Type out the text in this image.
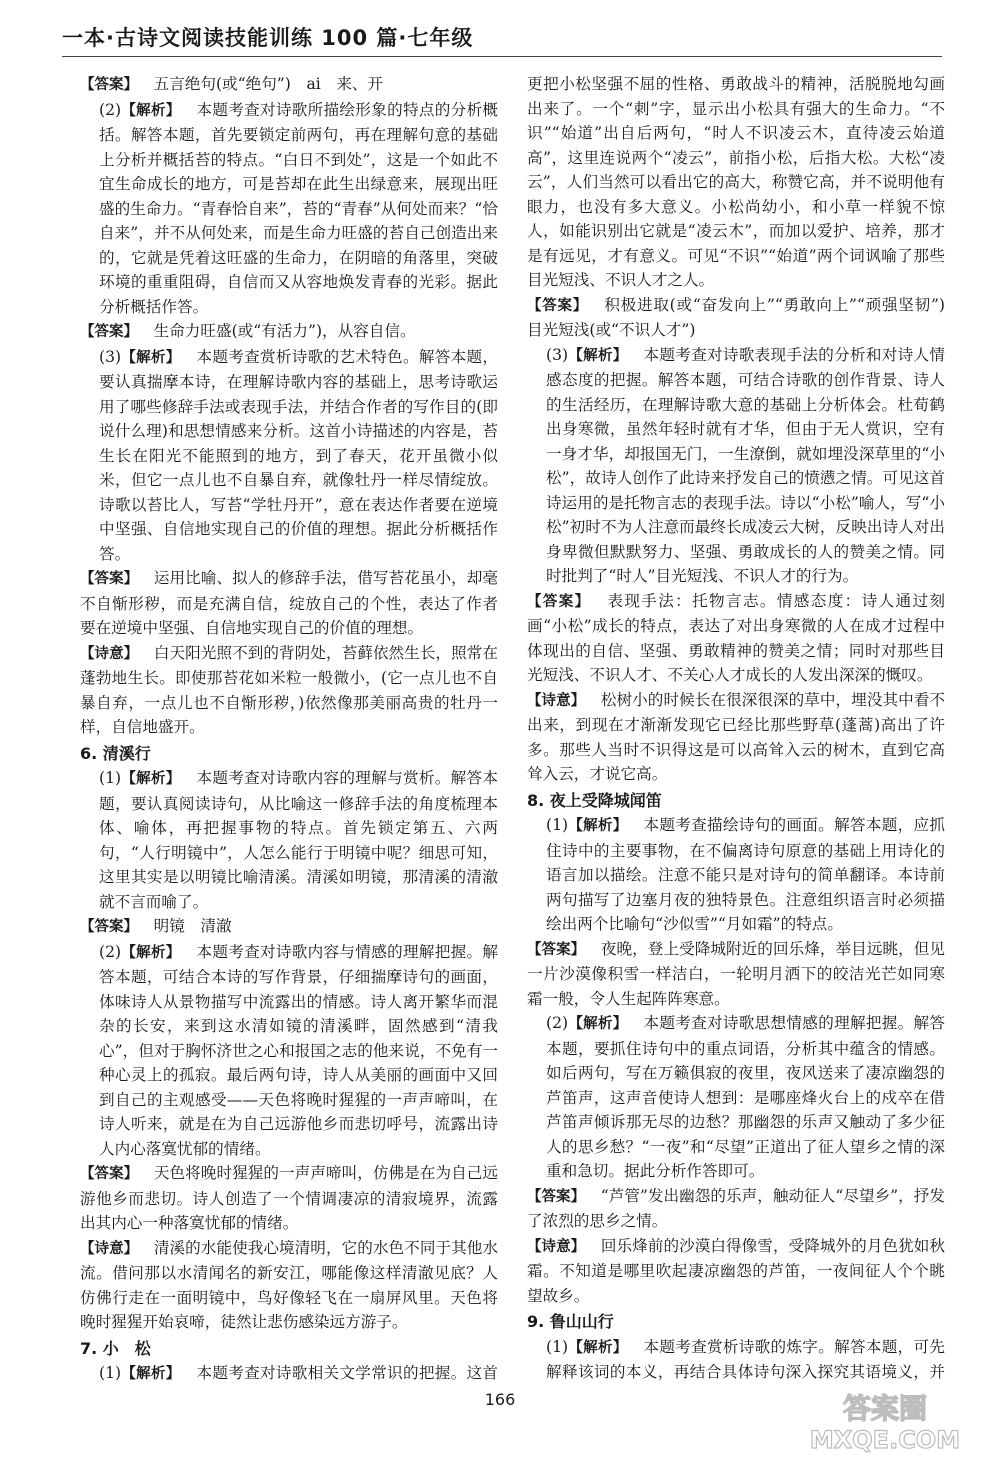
一本·古诗文阅读技能训练 100 篇·七年级

【答案】  五言绝句(或“绝句”)　ai　来、开

(2)【解析】  本题考查对诗歌所描绘形象的特点的分析概括。解答本题，首先要锁定前两句，再在理解句意的基础上分析并概括苔的特点。“白日不到处”，这是一个如此不宜生命成长的地方，可是苔却在此生出绿意来，展现出旺盛的生命力。“青春恰自来”，苔的“青春”从何处而来？“恰自来”，并不从何处来，而是生命力旺盛的苔自己创造出来的，它就是凭着这旺盛的生命力，在阴暗的角落里，突破环境的重重阻碍，自信而又从容地焕发青春的光彩。据此分析概括作答。

【答案】  生命力旺盛(或“有活力”)，从容自信。

(3)【解析】  本题考查赏析诗歌的艺术特色。解答本题，要认真揣摩本诗，在理解诗歌内容的基础上，思考诗歌运用了哪些修辞手法或表现手法，并结合作者的写作目的(即说什么理)和思想情感来分析。这首小诗描述的内容是，苔生长在阳光不能照到的地方，到了春天，花开虽微小似米，但它一点儿也不自暴自弃，就像牡丹一样尽情绽放。诗歌以苔比人，写苔“学牡丹开”，意在表达作者要在逆境中坚强、自信地实现自己的价值的理想。据此分析概括作答。

【答案】  运用比喻、拟人的修辞手法，借写苔花虽小，却毫不自惭形秽，而是充满自信，绽放自己的个性，表达了作者要在逆境中坚强、自信地实现自己的价值的理想。

【诗意】  白天阳光照不到的背阴处，苔藓依然生长，照常在蓬勃地生长。即使那苔花如米粒一般微小，(它一点儿也不自暴自弃，一点儿也不自惭形秽，)依然像那美丽高贵的牡丹一样，自信地盛开。

6. 清溪行

(1)【解析】  本题考查对诗歌内容的理解与赏析。解答本题，要认真阅读诗句，从比喻这一修辞手法的角度梳理本体、喻体，再把握事物的特点。首先锁定第五、六两句，“人行明镜中”，人怎么能行于明镜中呢？细思可知，这里其实是以明镜比喻清溪。清溪如明镜，那清溪的清澈就不言而喻了。

【答案】  明镜　清澈

(2)【解析】  本题考查对诗歌内容与情感的理解把握。解答本题，可结合本诗的写作背景，仔细揣摩诗句的画面，体味诗人从景物描写中流露出的情感。诗人离开繁华而混杂的长安，来到这水清如镜的清溪畔，固然感到“清我心”，但对于胸怀济世之心和报国之志的他来说，不免有一种心灵上的孤寂。最后两句诗，诗人从美丽的画面中又回到自己的主观感受——天色将晚时猩猩的一声声啼叫，在诗人听来，就是在为自己远游他乡而悲切呼号，流露出诗人内心落寞忧郁的情绪。

【答案】  天色将晚时猩猩的一声声啼叫，仿佛是在为自己远游他乡而悲切。诗人创造了一个情调凄凉的清寂境界，流露出其内心一种落寞忧郁的情绪。

【诗意】  清溪的水能使我心境清明，它的水色不同于其他水流。借问那以水清闻名的新安江，哪能像这样清澈见底？人仿佛行走在一面明镜中，鸟好像轻飞在一扇屏风里。天色将晚时猩猩开始哀啼，徒然让悲伤感染远方游子。

7. 小　松

(1)【解析】  本题考查对诗歌相关文学常识的把握。这首

更把小松坚强不屈的性格、勇敢战斗的精神，活脱脱地勾画出来了。一个“刺”字，显示出小松具有强大的生命力。“不识”“始道”出自后两句，“时人不识凌云木，直待凌云始道高”，这里连说两个“凌云”，前指小松，后指大松。大松“凌云”，人们当然可以看出它的高大，称赞它高，并不说明他有眼力，也没有多大意义。小松尚幼小，和小草一样貌不惊人，如能识别出它就是“凌云木”，而加以爱护、培养，那才是有远见，才有意义。可见“不识”“始道”两个词讽喻了那些目光短浅、不识人才之人。

【答案】  积极进取(或“奋发向上”“勇敢向上”“顽强坚韧”)　目光短浅(或“不识人才”)

(3)【解析】  本题考查对诗歌表现手法的分析和对诗人情感态度的把握。解答本题，可结合诗歌的创作背景、诗人的生活经历，在理解诗歌大意的基础上分析体会。杜荀鹤出身寒微，虽然年轻时就有才华，但由于无人赏识，空有一身才华，却报国无门，一生潦倒，就如埋没深草里的“小松”，故诗人创作了此诗来抒发自己的愤懑之情。可见这首诗运用的是托物言志的表现手法。诗以“小松”喻人，写“小松”初时不为人注意而最终长成凌云大树，反映出诗人对出身卑微但默默努力、坚强、勇敢成长的人的赞美之情。同时批判了“时人”目光短浅、不识人才的行为。

【答案】  表现手法：托物言志。情感态度：诗人通过刻画“小松”成长的特点，表达了对出身寒微的人在成才过程中体现出的自信、坚强、勇敢精神的赞美之情；同时对那些目光短浅、不识人才、不关心人才成长的人发出深深的慨叹。

【诗意】  松树小的时候长在很深很深的草中，埋没其中看不出来，到现在才渐渐发现它已经比那些野草(蓬蒿)高出了许多。那些人当时不识得这是可以高耸入云的树木，直到它高耸入云，才说它高。

8. 夜上受降城闻笛

(1)【解析】  本题考查描绘诗句的画面。解答本题，应抓住诗中的主要事物，在不偏离诗句原意的基础上用诗化的语言加以描绘。注意不能只是对诗句的简单翻译。本诗前两句描写了边塞月夜的独特景色。注意组织语言时必须描绘出两个比喻句“沙似雪”“月如霜”的特点。

【答案】  夜晚，登上受降城附近的回乐烽，举目远眺，但见一片沙漠像积雪一样洁白，一轮明月洒下的皎洁光芒如同寒霜一般，令人生起阵阵寒意。

(2)【解析】  本题考查对诗歌思想情感的理解把握。解答本题，要抓住诗句中的重点词语，分析其中蕴含的情感。如后两句，写在万籁俱寂的夜里，夜风送来了凄凉幽怨的芦笛声，这声音使诗人想到：是哪座烽火台上的戍卒在借芦笛声倾诉那无尽的边愁？那幽怨的乐声又触动了多少征人的思乡愁？“一夜”和“尽望”正道出了征人望乡之情的深重和急切。据此分析作答即可。

【答案】  “芦管”发出幽怨的乐声，触动征人“尽望乡”，抒发了浓烈的思乡之情。

【诗意】  回乐烽前的沙漠白得像雪，受降城外的月色犹如秋霜。不知道是哪里吹起凄凉幽怨的芦笛，一夜间征人个个眺望故乡。

9. 鲁山山行

(1)【解析】  本题考查赏析诗歌的炼字。解答本题，可先解释该词的本义，再结合具体诗句深入探究其语境义，并

166	答案圈
MXQE.COM
